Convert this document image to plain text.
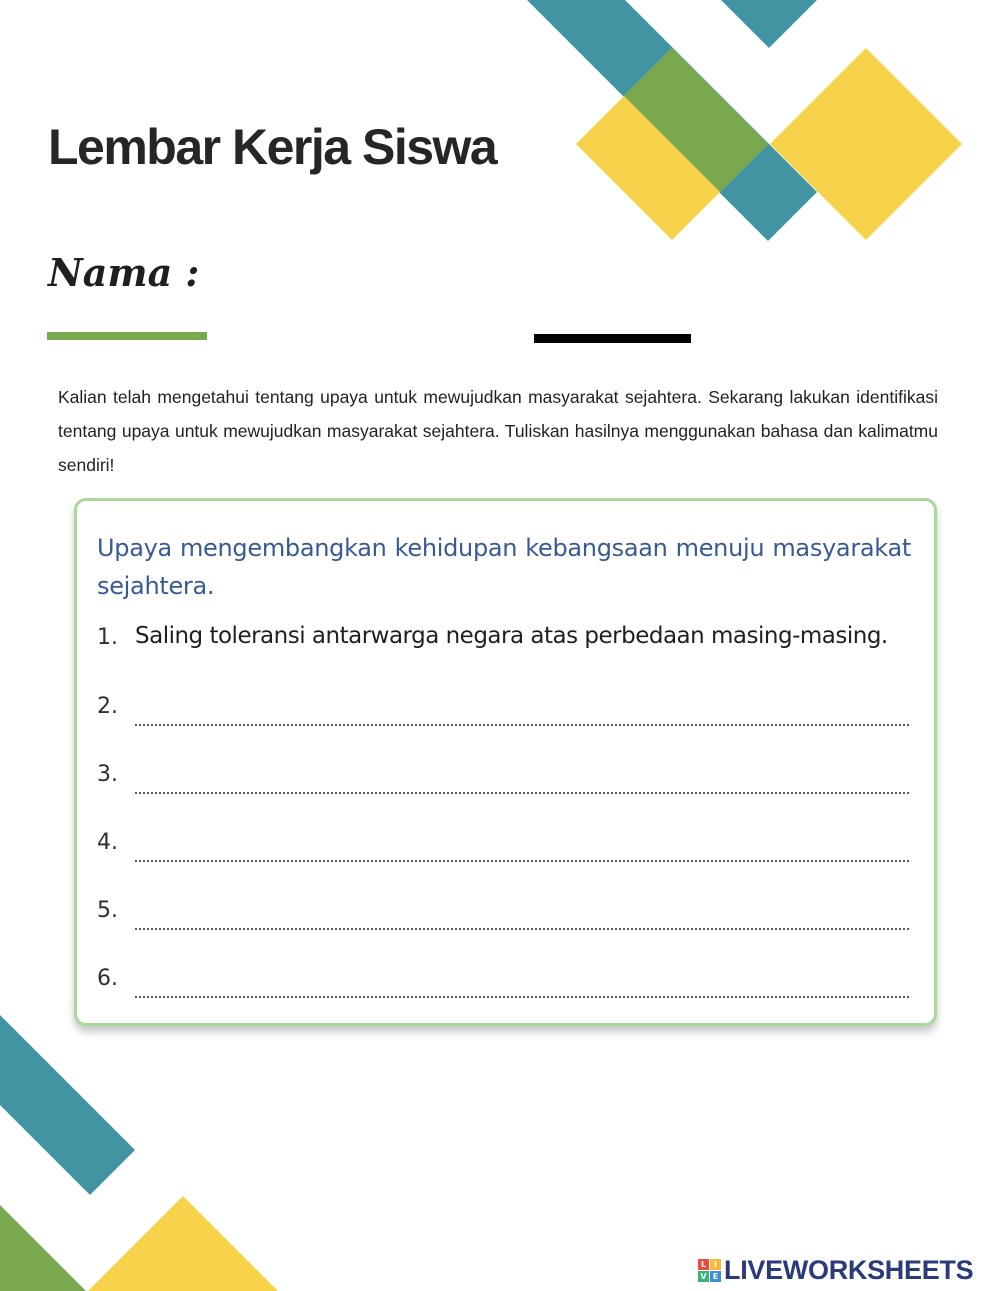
Lembar Kerja Siswa
Nama :

Kalian telah mengetahui tentang upaya untuk mewujudkan masyarakat sejahtera. Sekarang lakukan identifikasi tentang upaya untuk mewujudkan masyarakat sejahtera. Tuliskan hasilnya menggunakan bahasa dan kalimatmu sendiri!

Upaya mengembangkan kehidupan kebangsaan menuju masyarakat sejahtera.

1. Saling toleransi antarwarga negara atas perbedaan masing-masing.
2.
3.
4.
5.
6.
L I
V E LIVEWORKSHEETS
